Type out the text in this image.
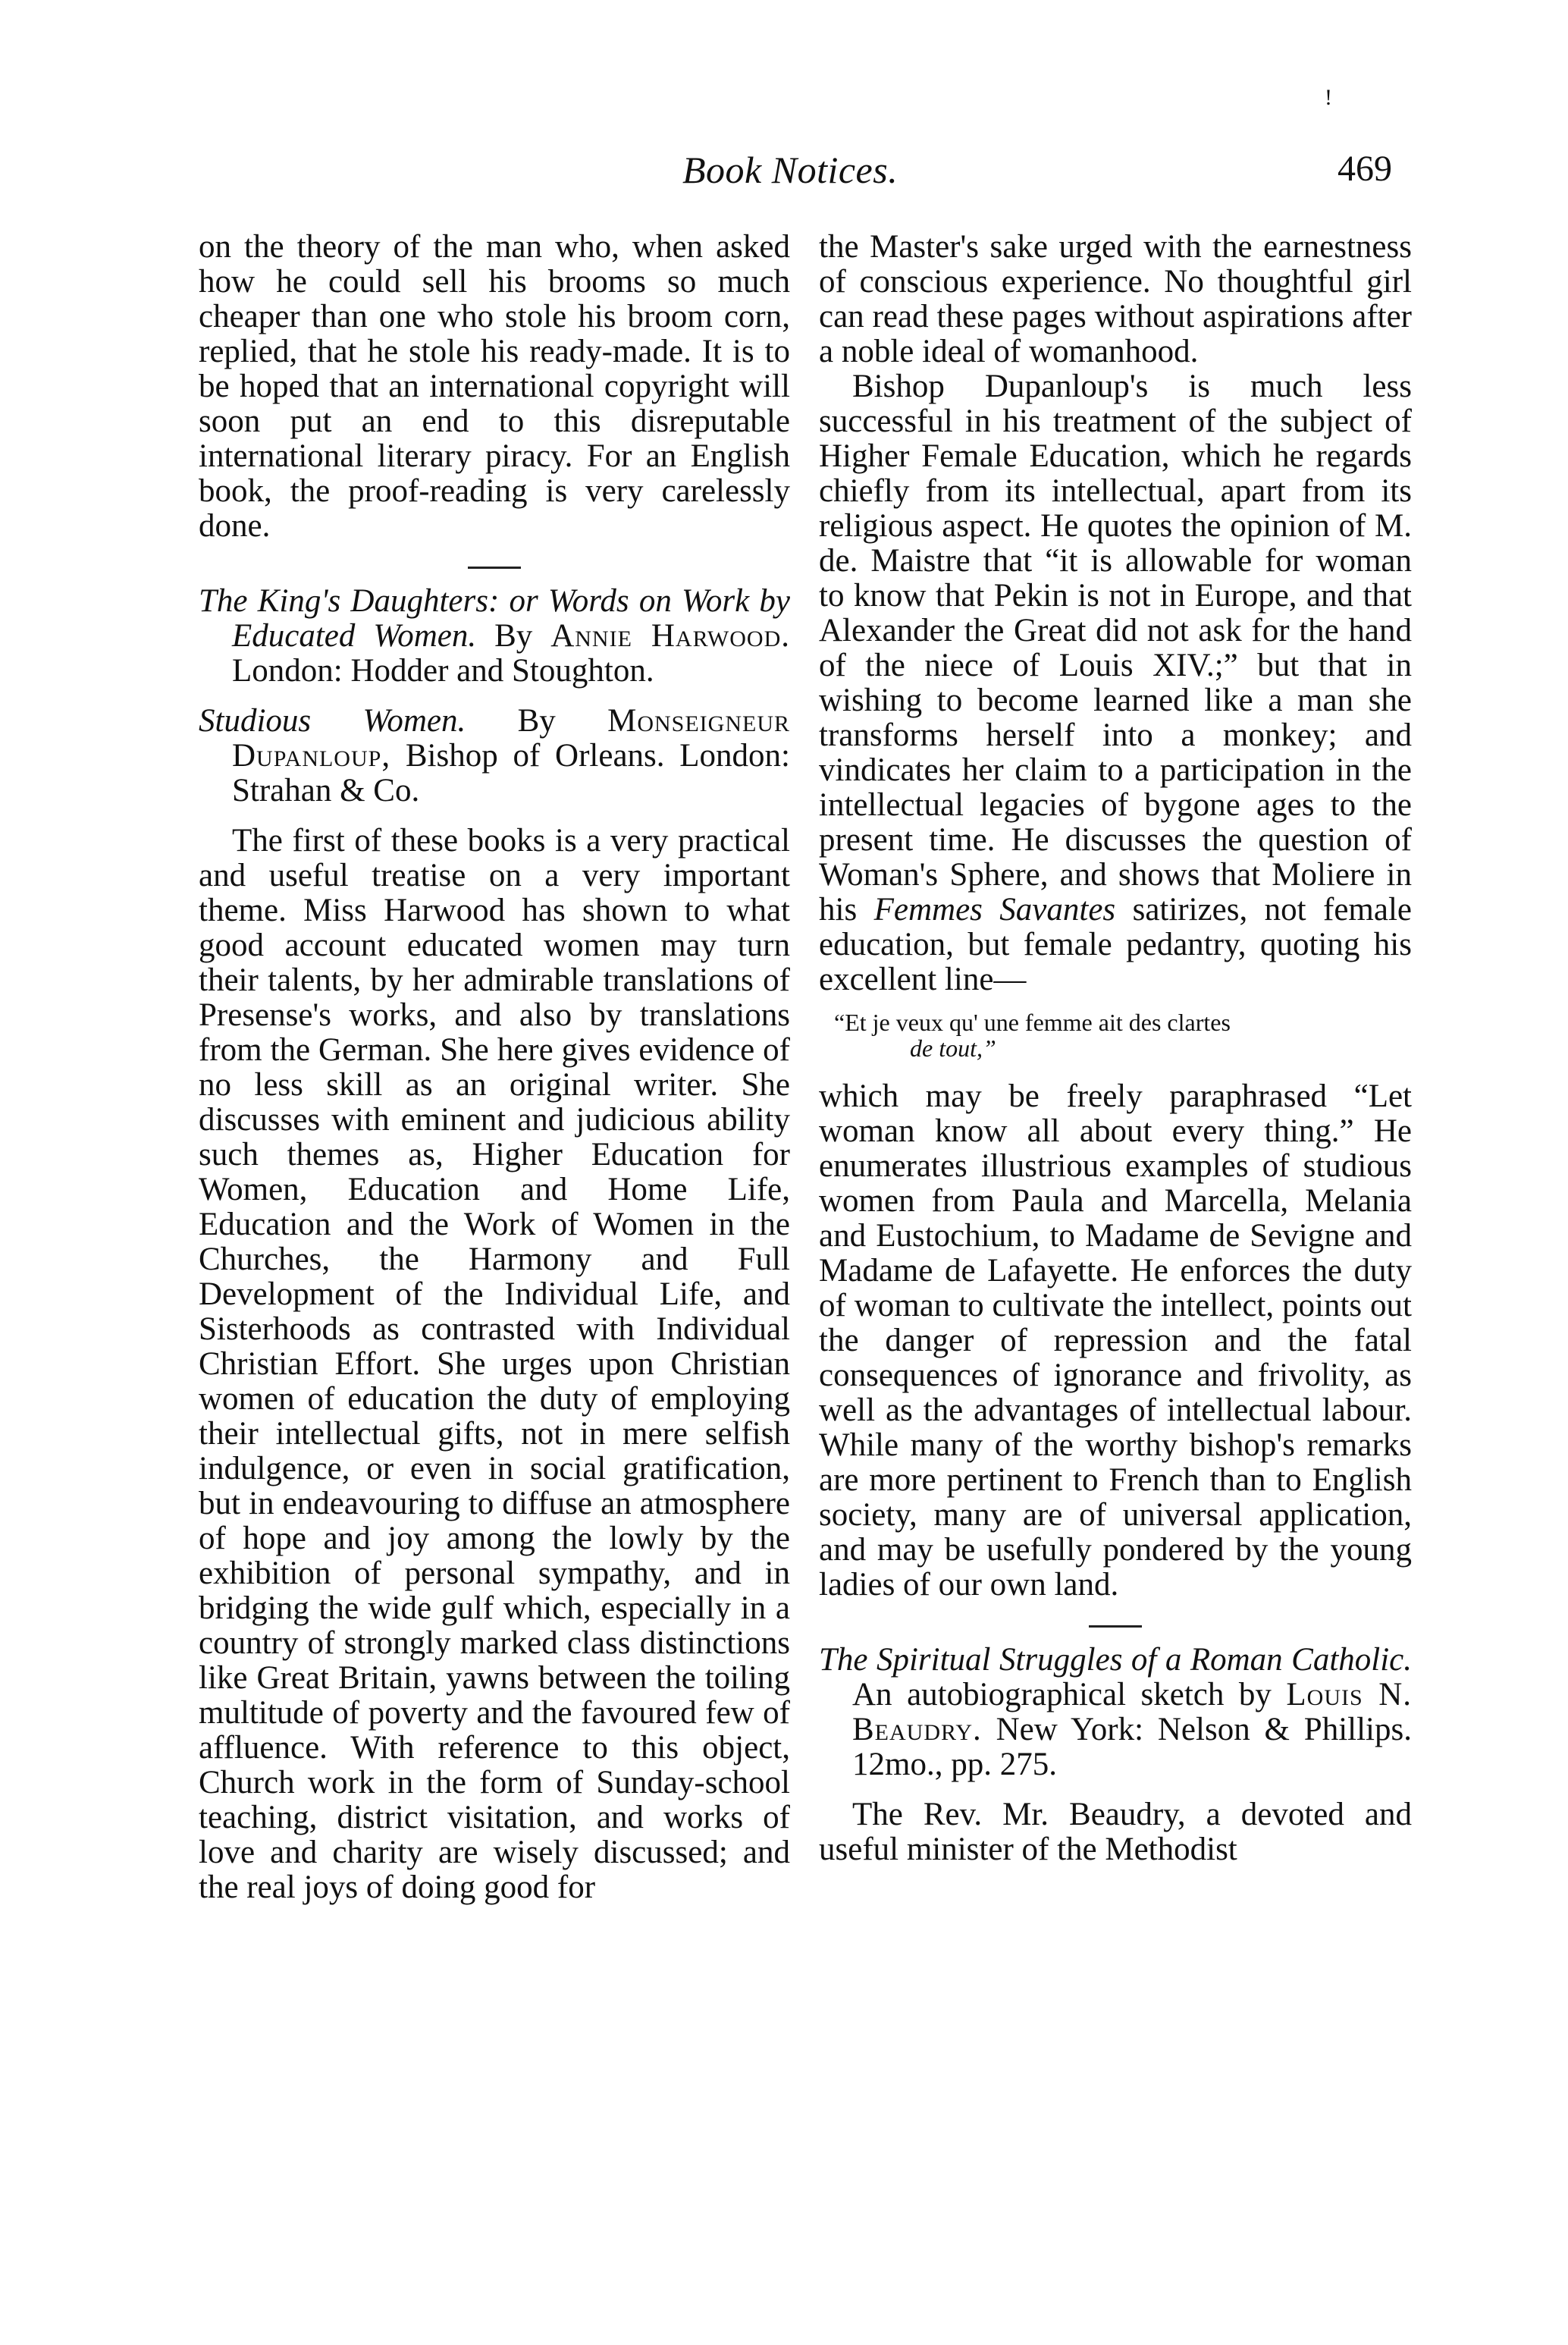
Book Notices.	469
!

on the theory of the man who, when asked how he could sell his brooms so much cheaper than one who stole his broom corn, replied, that he stole his ready-made. It is to be hoped that an international copyright will soon put an end to this disreputable international literary piracy. For an English book, the proof-reading is very carelessly done.

The King's Daughters: or Words on Work by Educated Women. By Annie Harwood. London: Hodder and Stoughton.

Studious Women. By Monseigneur Dupanloup, Bishop of Orleans. London: Strahan & Co.

The first of these books is a very practical and useful treatise on a very important theme. Miss Harwood has shown to what good account educated women may turn their talents, by her admirable translations of Presense's works, and also by translations from the German. She here gives evidence of no less skill as an original writer. She discusses with eminent and judicious ability such themes as, Higher Education for Women, Education and Home Life, Education and the Work of Women in the Churches, the Harmony and Full Development of the Individual Life, and Sisterhoods as contrasted with Individual Christian Effort. She urges upon Christian women of education the duty of employing their intellectual gifts, not in mere selfish indulgence, or even in social gratification, but in endeavouring to diffuse an atmosphere of hope and joy among the lowly by the exhibition of personal sympathy, and in bridging the wide gulf which, especially in a country of strongly marked class distinctions like Great Britain, yawns between the toiling multitude of poverty and the favoured few of affluence. With reference to this object, Church work in the form of Sunday-school teaching, district visitation, and works of love and charity are wisely discussed; and the real joys of doing good for

the Master's sake urged with the earnestness of conscious experience. No thoughtful girl can read these pages without aspirations after a noble ideal of womanhood.

Bishop Dupanloup's is much less successful in his treatment of the subject of Higher Female Education, which he regards chiefly from its intellectual, apart from its religious aspect. He quotes the opinion of M. de. Maistre that “it is allowable for woman to know that Pekin is not in Europe, and that Alexander the Great did not ask for the hand of the niece of Louis XIV.;” but that in wishing to become learned like a man she transforms herself into a monkey; and vindicates her claim to a participation in the intellectual legacies of bygone ages to the present time. He discusses the question of Woman's Sphere, and shows that Moliere in his Femmes Savantes satirizes, not female education, but female pedantry, quoting his excellent line—

“Et je veux qu' une femme ait des clartes
de tout,”

which may be freely paraphrased “Let woman know all about every thing.” He enumerates illustrious examples of studious women from Paula and Marcella, Melania and Eustochium, to Madame de Sevigne and Madame de Lafayette. He enforces the duty of woman to cultivate the intellect, points out the danger of repression and the fatal consequences of ignorance and frivolity, as well as the advantages of intellectual labour. While many of the worthy bishop's remarks are more pertinent to French than to English society, many are of universal application, and may be usefully pondered by the young ladies of our own land.

The Spiritual Struggles of a Roman Catholic. An autobiographical sketch by Louis N. Beaudry. New York: Nelson & Phillips. 12mo., pp. 275.

The Rev. Mr. Beaudry, a devoted and useful minister of the Methodist
